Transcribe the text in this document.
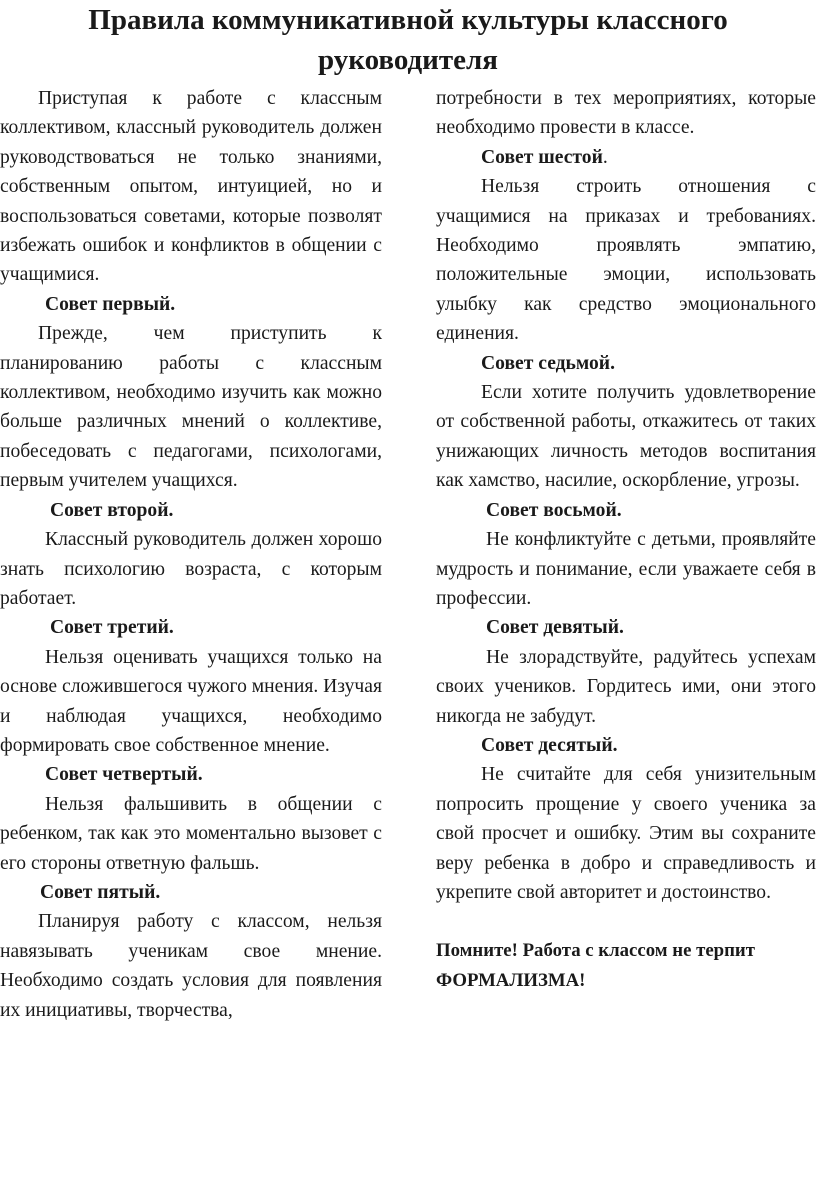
Правила коммуникативной культуры классного руководителя

Приступая к работе с классным коллективом, классный руководитель должен руководствоваться не только знаниями, собственным опытом, интуицией, но и воспользоваться советами, которые позволят избежать ошибок и конфликтов в общении с учащимися.

Совет первый.

Прежде, чем приступить к планированию работы с классным коллективом, необходимо изучить как можно больше различных мнений о коллективе, побеседовать с педагогами, психологами, первым учителем учащихся.

Совет второй.

Классный руководитель должен хорошо знать психологию возраста, с которым работает.

Совет третий.

Нельзя оценивать учащихся только на основе сложившегося чужого мнения. Изучая и наблюдая учащихся, необходимо формировать свое собственное мнение.

Совет четвертый.

Нельзя фальшивить в общении с ребенком, так как это моментально вызовет с его стороны ответную фальшь.

Совет пятый.

Планируя работу с классом, нельзя навязывать ученикам свое мнение. Необходимо создать условия для появления их инициативы, творчества,

потребности в тех мероприятиях, которые необходимо провести в классе.

Совет шестой.

Нельзя строить отношения с учащимися на приказах и требованиях. Необходимо проявлять эмпатию, положительные эмоции, использовать улыбку как средство эмоционального единения.

Совет седьмой.

Если хотите получить удовлетворение от собственной работы, откажитесь от таких унижающих личность методов воспитания как хамство, насилие, оскорбление, угрозы.

Совет восьмой.

Не конфликтуйте с детьми, проявляйте мудрость и понимание, если уважаете себя в профессии.

Совет девятый.

Не злорадствуйте, радуйтесь успехам своих учеников. Гордитесь ими, они этого никогда не забудут.

Совет десятый.

Не считайте для себя унизительным попросить прощение у своего ученика за свой просчет и ошибку. Этим вы сохраните веру ребенка в добро и справедливость и укрепите свой авторитет и достоинство.

Помните! Работа с классом не терпит ФОРМАЛИЗМА!
